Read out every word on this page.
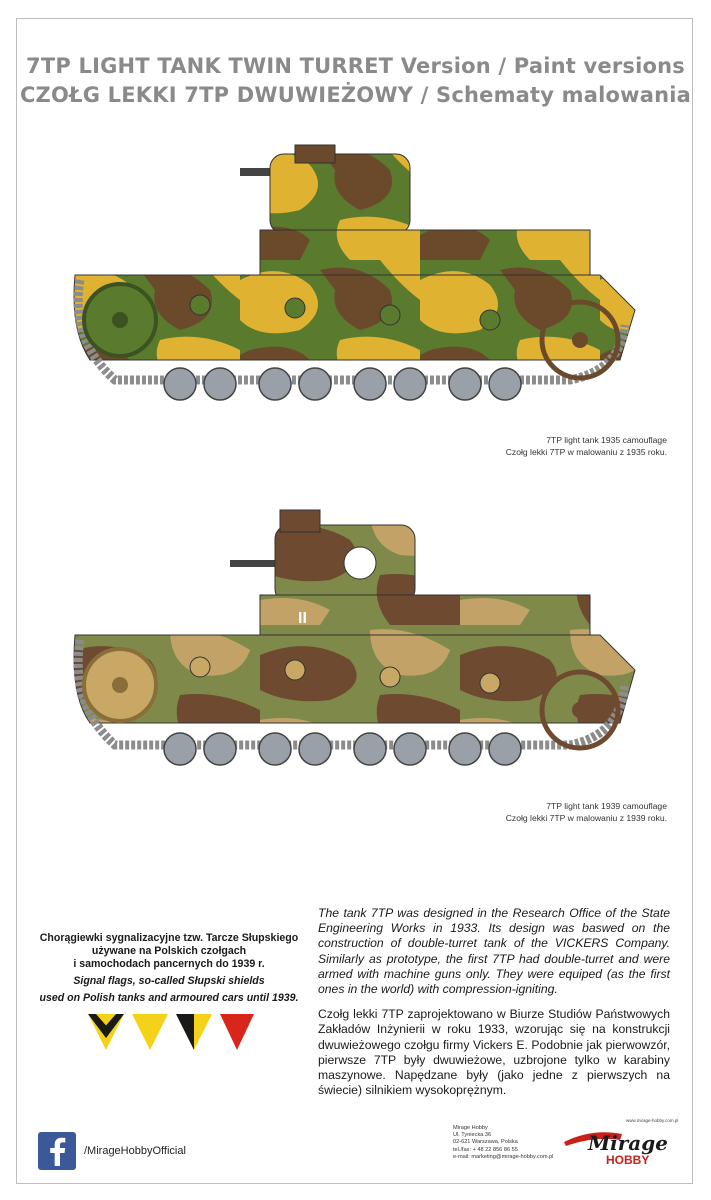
7TP LIGHT TANK TWIN TURRET Version / Paint versions
CZOŁG LEKKI 7TP DWUWIEŻOWY / Schematy malowania
7TP light tank 1935 camouflage
Czołg lekki 7TP w malowaniu z 1935 roku.
II
7TP light tank 1939 camouflage
Czołg lekki 7TP w malowaniu z 1939 roku.
Chorągiewki sygnalizacyjne tzw. Tarcze Słupskiego
używane na Polskich czołgach
i samochodach pancernych do 1939 r.
Signal flags, so-called Słupski shields
used on Polish tanks and armoured cars until 1939.
The tank 7TP was designed in the Research Office of the State Engineering Works in 1933. Its design was baswed on the construction of double-turret tank of the VICKERS Company. Similarly as prototype, the first 7TP had double-turret and were armed with machine guns only. They were equiped (as the first ones in the world) with compression-igniting.
Czołg lekki 7TP zaprojektowano w Biurze Studiów Państwowych Zakładów Inżynierii w roku 1933, wzorując się na konstrukcji dwuwieżowego czołgu firmy Vickers E. Podobnie jak pierwowzór, pierwsze 7TP były dwuwieżowe, uzbrojone tylko w karabiny maszynowe. Napędzane były (jako jedne z pierwszych na świecie) silnikiem wysokoprężnym.
/MirageHobbyOfficial
Mirage Hobby
Ul. Tyniecka 36
02-621 Warszawa, Polska
tel./fax: + 48 22 856 86 55
e-mail: marketing@mirage-hobby.com.pl
www.mirage-hobby.com.pl
Mirage
HOBBY
